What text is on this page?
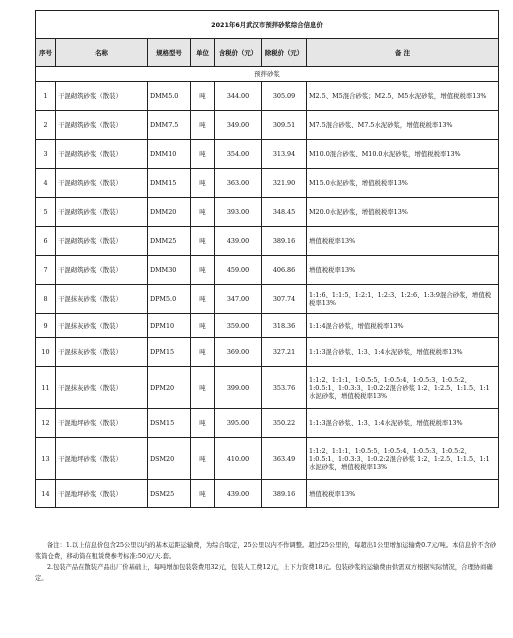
2021年6月武汉市预拌砂浆综合信息价						
序号	名称	规格型号	单位	含税价（元）	除税价（元）	备 注
预拌砂浆						
1	干混砌筑砂浆（散装）	DMM5.0	吨	344.00	305.09	M2.5、M5混合砂浆；M2.5、M5水泥砂浆，增值税税率13%
2	干混砌筑砂浆（散装）	DMM7.5	吨	349.00	309.51	M7.5混合砂浆、M7.5水泥砂浆，增值税税率13%
3	干混砌筑砂浆（散装）	DMM10	吨	354.00	313.94	M10.0混合砂浆、M10.0水泥砂浆，增值税税率13%
4	干混砌筑砂浆（散装）	DMM15	吨	363.00	321.90	M15.0水泥砂浆，增值税税率13%
5	干混砌筑砂浆（散装）	DMM20	吨	393.00	348.45	M20.0水泥砂浆，增值税税率13%
6	干混砌筑砂浆（散装）	DMM25	吨	439.00	389.16	增值税税率13%
7	干混砌筑砂浆（散装）	DMM30	吨	459.00	406.86	增值税税率13%
8	干混抹灰砂浆（散装）	DPM5.0	吨	347.00	307.74	1:1:6、1:1:5、1:2:1、1:2:3、1:2:6、1:3:9混合砂浆，增值税税率13%
9	干混抹灰砂浆（散装）	DPM10	吨	359.00	318.36	1:1:4混合砂浆，增值税税率13%
10	干混抹灰砂浆（散装）	DPM15	吨	369.00	327.21	1:1:3混合砂浆、1:3、1:4水泥砂浆，增值税税率13%
11	干混抹灰砂浆（散装）	DPM20	吨	399.00	353.76	1:1:2、1:1:1、1:0.5:5、1:0.5:4、1:0.5:3、1:0.5:2、1:0.5:1、1:0.3:3、1:0.2:2混合砂浆 1:2、1:2.5、1:1.5、1:1水泥砂浆，增值税税率13%
12	干混地坪砂浆（散装）	DSM15	吨	395.00	350.22	1:1:3混合砂浆、1:3、1:4水泥砂浆，增值税税率13%
13	干混地坪砂浆（散装）	DSM20	吨	410.00	363.49	1:1:2、1:1:1、1:0.5:5、1:0.5:4、1:0.5:3、1:0.5:2、1:0.5:1、1:0.3:3、1:0.2:2混合砂浆 1:2、1:2.5、1:1.5、1:1水泥砂浆，增值税税率13%
14	干混地坪砂浆（散装）	DSM25	吨	439.00	389.16	增值税税率13%

备注：1.以上信息价包含25公里以内的基本运距运输费，为综合取定，25公里以内不作调整。超过25公里的，每超出1公里增加运输费0.7元/吨。本信息价不含砂浆筒仓费，移动筒在租赁费参考标准:50元/天.套。

2.包装产品在散装产品出厂价基础上，每吨增加包装袋费用32元，包装人工费12元，上下力资费18元。包装砂浆的运输费由供需双方根据实际情况，合理协商确定。
